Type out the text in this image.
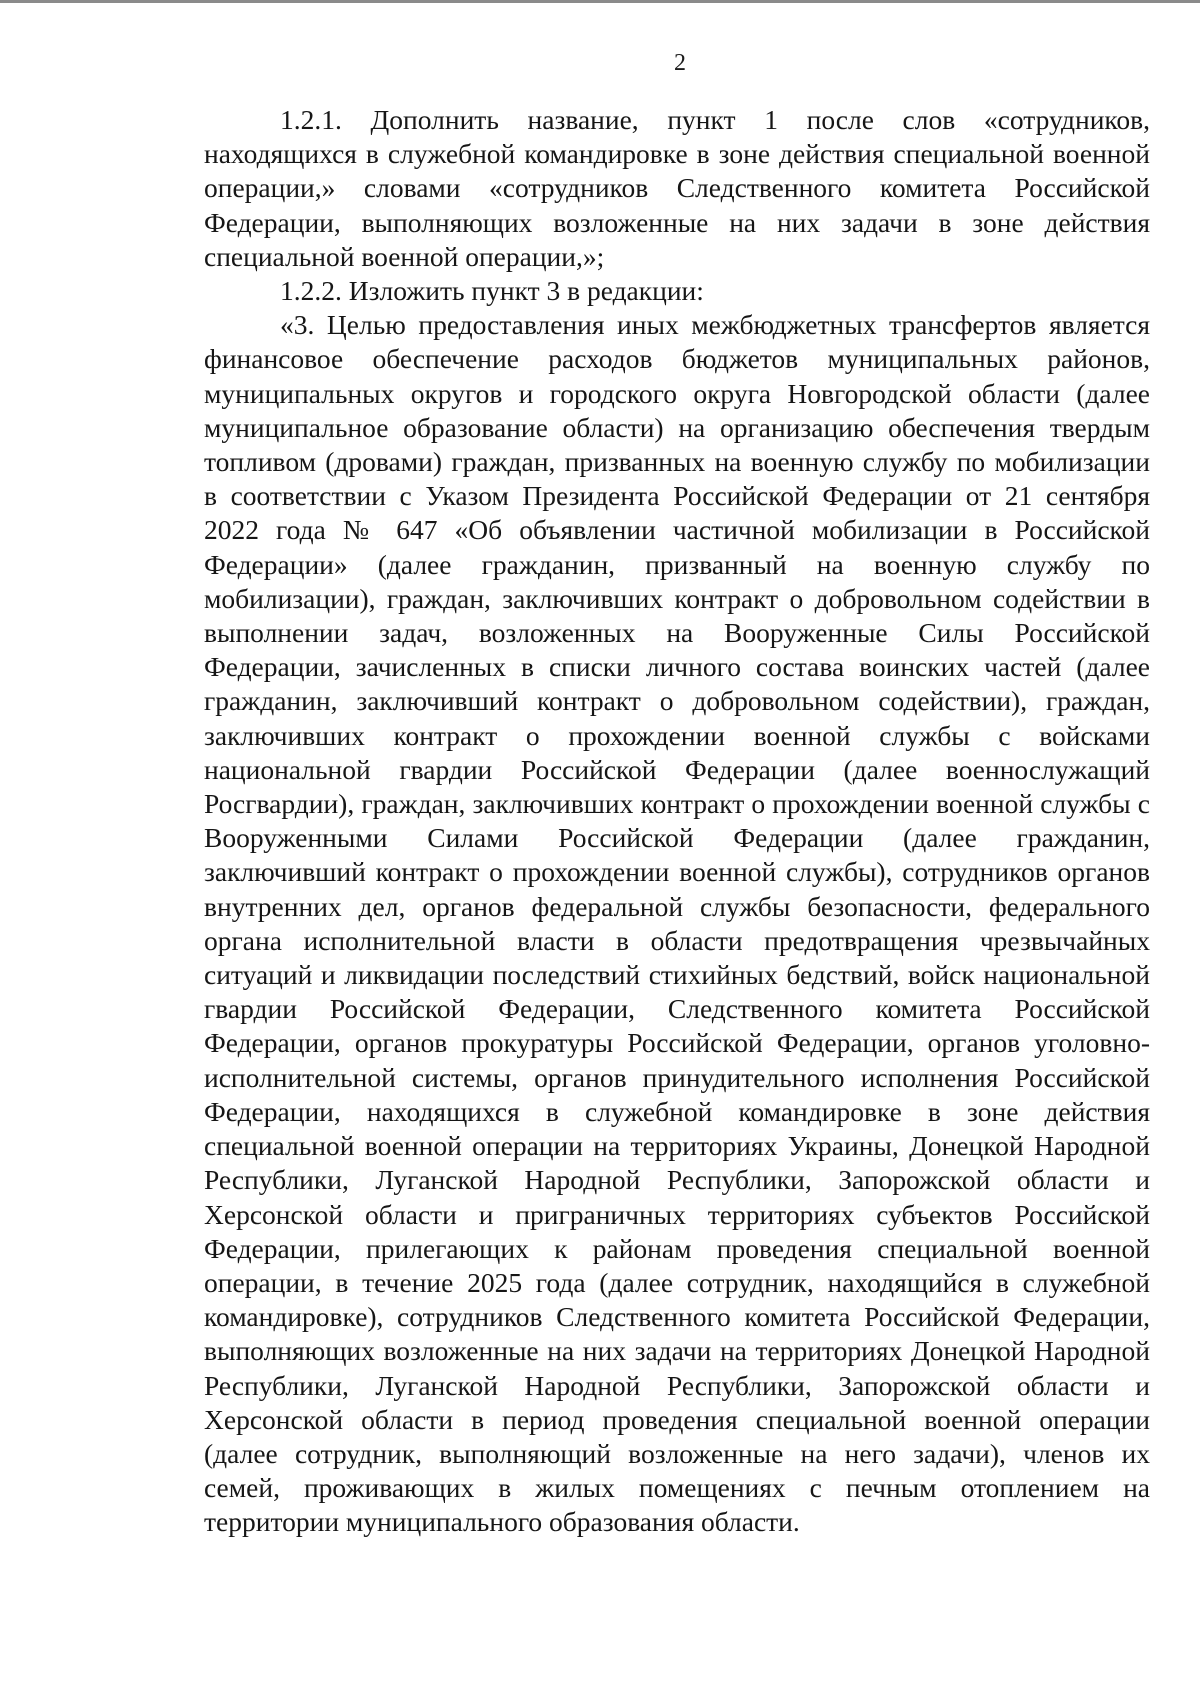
2

1.2.1. Дополнить название, пункт 1 после слов «сотрудников, находящихся в служебной командировке в зоне действия специальной военной операции,» словами «сотрудников Следственного комитета Российской Федерации, выполняющих возложенные на них задачи в зоне действия специальной военной операции,»;

1.2.2. Изложить пункт 3 в редакции:

«3. Целью предоставления иных межбюджетных трансфертов является финансовое обеспечение расходов бюджетов муниципальных районов, муниципальных округов и городского округа Новгородской области (далее муниципальное образование области) на организацию обеспечения твердым топливом (дровами) граждан, призванных на военную службу по мобилизации в соответствии с Указом Президента Российской Федерации от 21 сентября 2022 года № 647 «Об объявлении частичной мобилизации в Российской Федерации» (далее гражданин, призванный на военную службу по мобилизации), граждан, заключивших контракт о добровольном содействии в выполнении задач, возложенных на Вооруженные Силы Российской Федерации, зачисленных в списки личного состава воинских частей (далее гражданин, заключивший контракт о добровольном содействии), граждан, заключивших контракт о прохождении военной службы с войсками национальной гвардии Российской Федерации (далее военнослужащий Росгвардии), граждан, заключивших контракт о прохождении военной службы с Вооруженными Силами Российской Федерации (далее гражданин, заключивший контракт о прохождении военной службы), сотрудников органов внутренних дел, органов федеральной службы безопасности, федерального органа исполнительной власти в области предотвращения чрезвычайных ситуаций и ликвидации последствий стихийных бедствий, войск национальной гвардии Российской Федерации, Следственного комитета Российской Федерации, органов прокуратуры Российской Федерации, органов уголовно-исполнительной системы, органов принудительного исполнения Российской Федерации, находящихся в служебной командировке в зоне действия специальной военной операции на территориях Украины, Донецкой Народной Республики, Луганской Народной Республики, Запорожской области и Херсонской области и приграничных территориях субъектов Российской Федерации, прилегающих к районам проведения специальной военной операции, в течение 2025 года (далее сотрудник, находящийся в служебной командировке), сотрудников Следственного комитета Российской Федерации, выполняющих возложенные на них задачи на территориях Донецкой Народной Республики, Луганской Народной Республики, Запорожской области и Херсонской области в период проведения специальной военной операции (далее сотрудник, выполняющий возложенные на него задачи), членов их семей, проживающих в жилых помещениях с печным отоплением на территории муниципального образования области.
